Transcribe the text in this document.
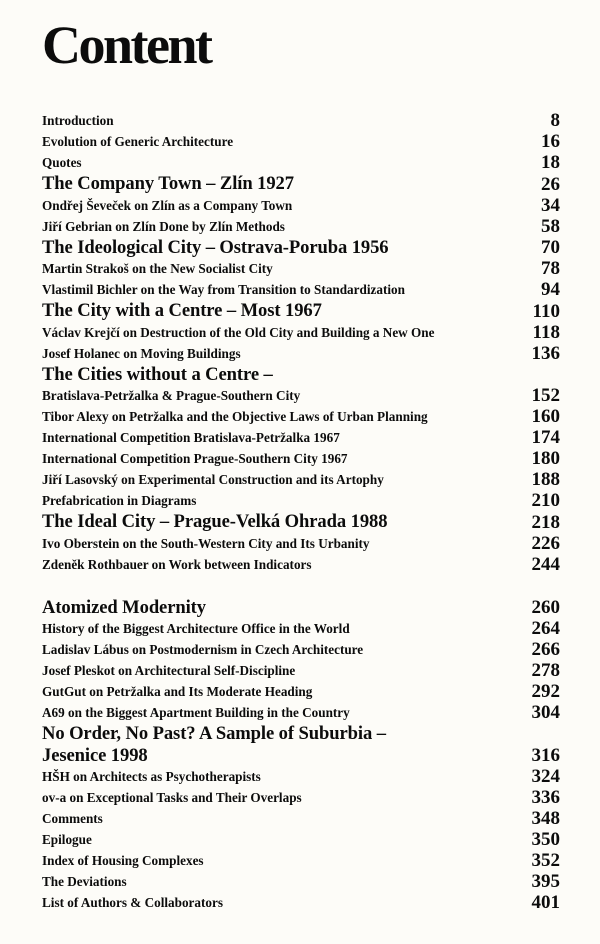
Content
Introduction	8
Evolution of Generic Architecture	16
Quotes	18
The Company Town – Zlín 1927	26
Ondřej Ševeček on Zlín as a Company Town	34
Jiří Gebrian on Zlín Done by Zlín Methods	58
The Ideological City – Ostrava-Poruba 1956	70
Martin Strakoš on the New Socialist City	78
Vlastimil Bichler on the Way from Transition to Standardization	94
The City with a Centre – Most 1967	110
Václav Krejčí on Destruction of the Old City and Building a New One	118
Josef Holanec on Moving Buildings	136
The Cities without a Centre –
Bratislava-Petržalka & Prague-Southern City	152
Tibor Alexy on Petržalka and the Objective Laws of Urban Planning	160
International Competition Bratislava-Petržalka 1967	174
International Competition Prague-Southern City 1967	180
Jiří Lasovský on Experimental Construction and its Artophy	188
Prefabrication in Diagrams	210
The Ideal City – Prague-Velká Ohrada 1988	218
Ivo Oberstein on the South-Western City and Its Urbanity	226
Zdeněk Rothbauer on Work between Indicators	244
Atomized Modernity	260
History of the Biggest Architecture Office in the World	264
Ladislav Lábus on Postmodernism in Czech Architecture	266
Josef Pleskot on Architectural Self-Discipline	278
GutGut on Petržalka and Its Moderate Heading	292
A69 on the Biggest Apartment Building in the Country	304
No Order, No Past? A Sample of Suburbia –
Jesenice 1998	316
HŠH on Architects as Psychotherapists	324
ov-a on Exceptional Tasks and Their Overlaps	336
Comments	348
Epilogue	350
Index of Housing Complexes	352
The Deviations	395
List of Authors & Collaborators	401
